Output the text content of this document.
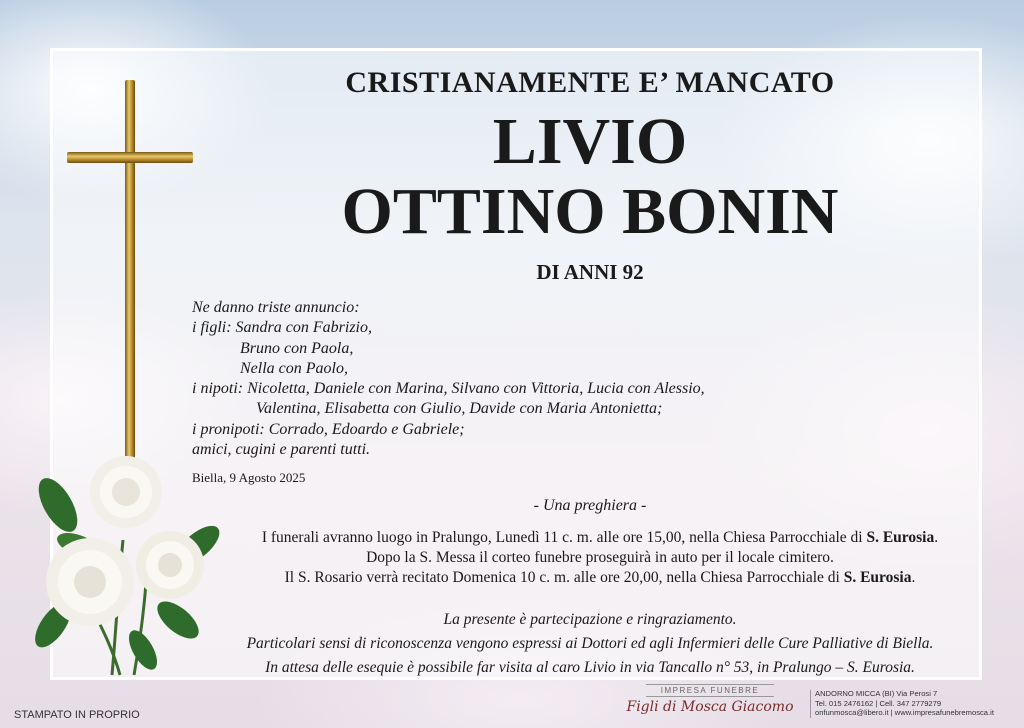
CRISTIANAMENTE E’ MANCATO
LIVIO
OTTINO BONIN
DI ANNI 92
Ne danno triste annuncio:
i figli: Sandra con Fabrizio,
Bruno con Paola,
Nella con Paolo,
i nipoti: Nicoletta, Daniele con Marina, Silvano con Vittoria, Lucia con Alessio,
Valentina, Elisabetta con Giulio, Davide con Maria Antonietta;
i pronipoti: Corrado, Edoardo e Gabriele;
amici, cugini e parenti tutti.
Biella, 9 Agosto 2025
- Una preghiera -
I funerali avranno luogo in Pralungo, Lunedì 11 c. m. alle ore 15,00, nella Chiesa Parrocchiale di S. Eurosia.
Dopo la S. Messa il corteo funebre proseguirà in auto per il locale cimitero.
Il S. Rosario verrà recitato Domenica 10 c. m. alle ore 20,00, nella Chiesa Parrocchiale di S. Eurosia.
La presente è partecipazione e ringraziamento.
Particolari sensi di riconoscenza vengono espressi ai Dottori ed agli Infermieri delle Cure Palliative di Biella.
In attesa delle esequie è possibile far visita al caro Livio in via Tancallo n° 53, in Pralungo – S. Eurosia.
STAMPATO IN PROPRIO
IMPRESA FUNEBRE
Figli di Mosca Giacomo
ANDORNO MICCA (BI) Via Perosi 7
Tel. 015 2476162 | Cell. 347 2779279
onfunmosca@libero.it | www.impresafunebremosca.it
